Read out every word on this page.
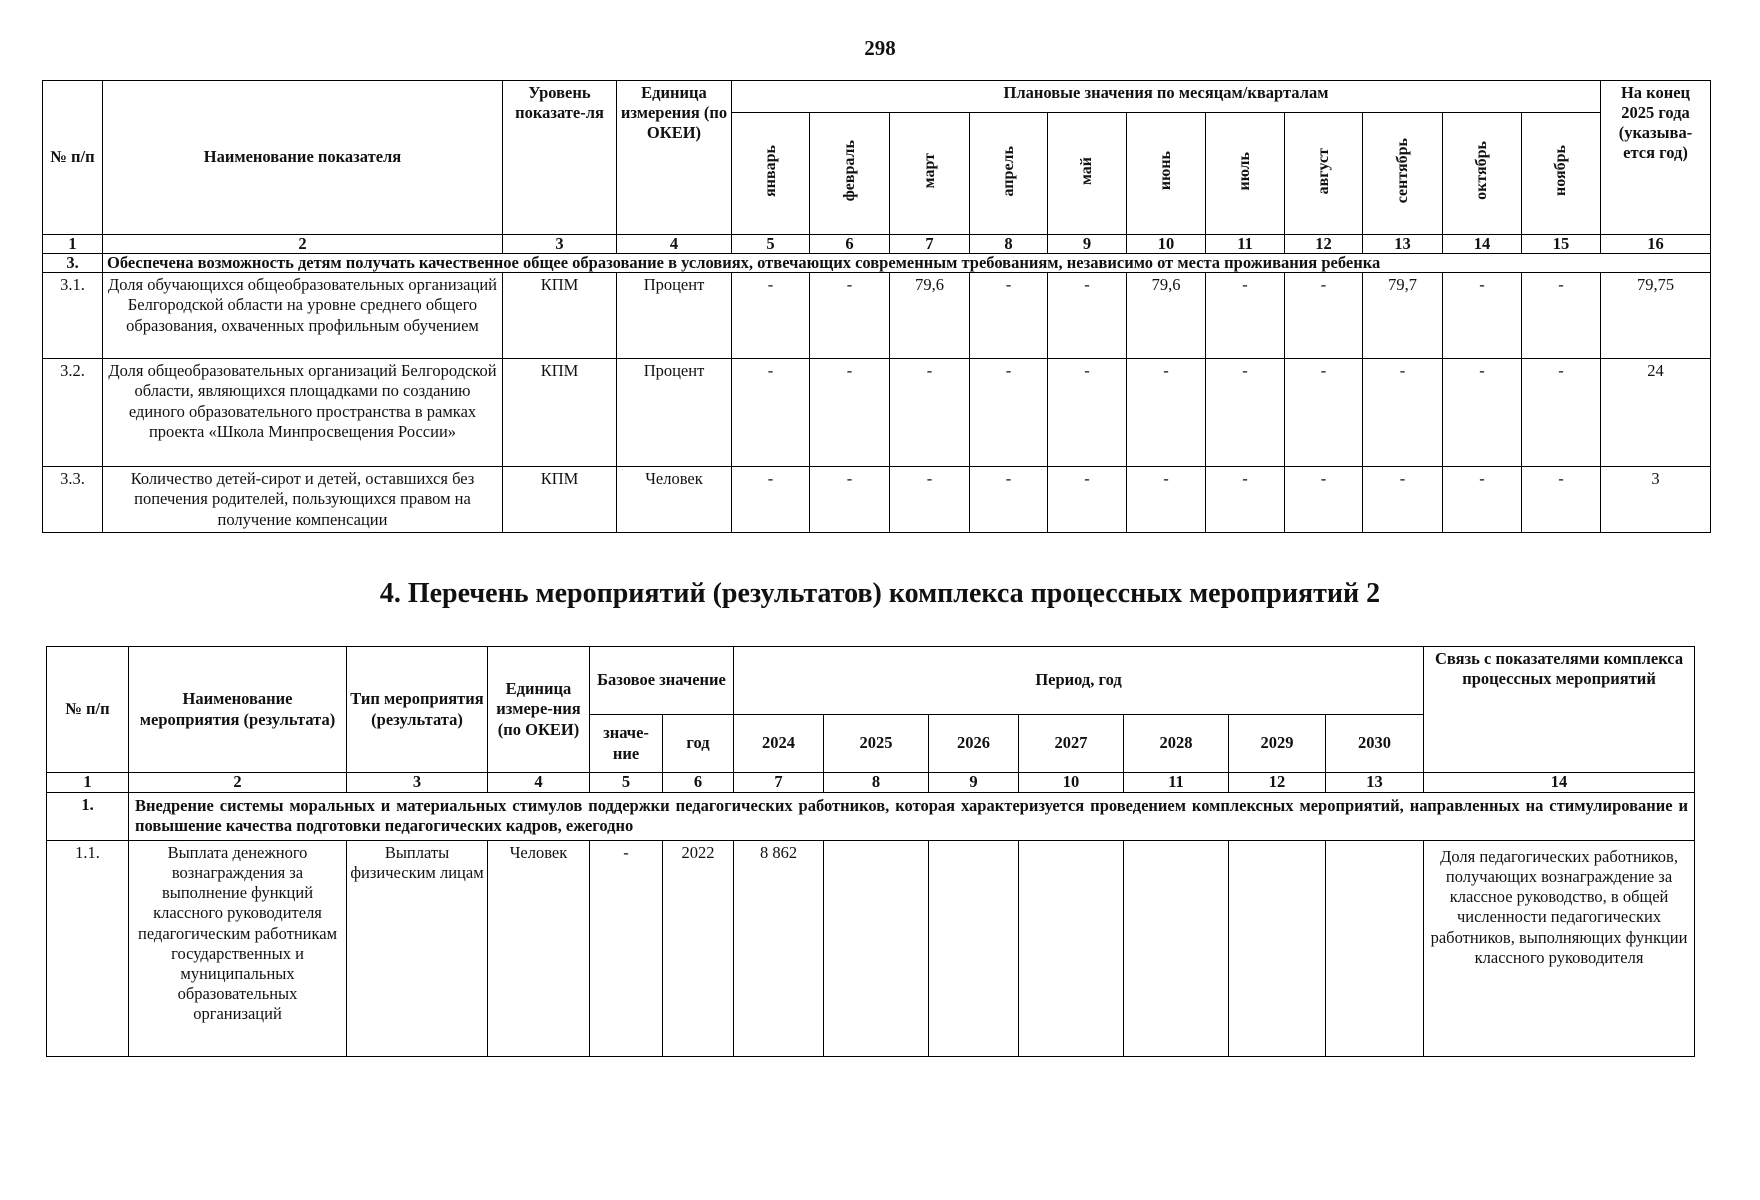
298
№ п/п	Наименование показателя	Уровень показате-ля	Единица измерения (по ОКЕИ)	Плановые значения по месяцам/кварталам											На конец 2025 года (указыва-ется год)
				январь	февраль	март	апрель	май	июнь	июль	август	сентябрь	октябрь	ноябрь	
1	2	3	4	5	6	7	8	9	10	11	12	13	14	15	16
3.	Обеспечена возможность детям получать качественное общее образование в условиях, отвечающих современным требованиям, независимо от места проживания ребенка														
3.1.	Доля обучающихся общеобразовательных организаций Белгородской области на уровне среднего общего образования, охваченных профильным обучением	КПМ	Процент	-	-	79,6	-	-	79,6	-	-	79,7	-	-	79,75
3.2.	Доля общеобразовательных организаций Белгородской области, являющихся площадками по созданию единого образовательного пространства в рамках проекта «Школа Минпросвещения России»	КПМ	Процент	-	-	-	-	-	-	-	-	-	-	-	24
3.3.	Количество детей-сирот и детей, оставшихся без попечения родителей, пользующихся правом на получение компенсации	КПМ	Человек	-	-	-	-	-	-	-	-	-	-	-	3
4. Перечень мероприятий (результатов) комплекса процессных мероприятий 2
№ п/п	Наименование мероприятия (результата)	Тип мероприятия (результата)	Единица измере-ния (по ОКЕИ)	Базовое значение		Период, год							Связь с показателями комплекса процессных мероприятий
				значе-ние	год	2024	2025	2026	2027	2028	2029	2030	
1	2	3	4	5	6	7	8	9	10	11	12	13	14
1.	Внедрение системы моральных и материальных стимулов поддержки педагогических работников, которая характеризуется проведением комплексных мероприятий, направленных на стимулирование и повышение качества подготовки педагогических кадров, ежегодно												
1.1.	Выплата денежного вознаграждения за выполнение функций классного руководителя педагогическим работникам государственных и муниципальных образовательных организаций	Выплаты физическим лицам	Человек	-	2022	8 862							Доля педагогических работников, получающих вознаграждение за классное руководство, в общей численности педагогических работников, выполняющих функции классного руководителя
